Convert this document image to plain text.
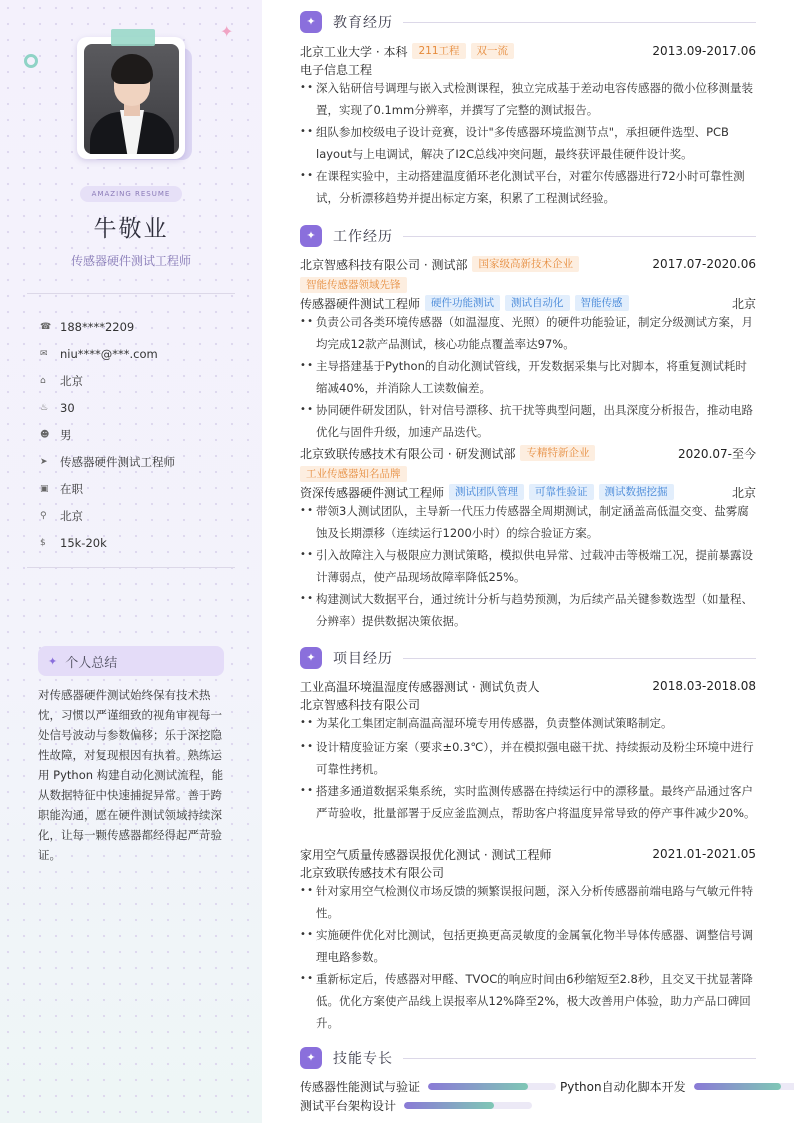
✦
AMAZING RESUME
牛敬业
传感器硬件测试工程师
☎ 188****2209
✉	niu****@***.com
⌂	北京
♨	30
☻ 男
➤	传感器硬件测试工程师
▣ 在职
⚲	北京
$	15k-20k
✦ 个人总结
对传感器硬件测试始终保有技术热忱，习惯以严谨细致的视角审视每一处信号波动与参数偏移；乐于深挖隐性故障，对复现根因有执着。熟练运用 Python 构建自动化测试流程，能从数据特征中快速捕捉异常。善于跨职能沟通，愿在硬件测试领域持续深化，让每一颗传感器都经得起严苛验证。
✦	教育经历
北京工业大学 · 本科	211工程	双一流	2013.09-2017.06
电子信息工程
• • 深入钻研信号调理与嵌入式检测课程，独立完成基于差动电容传感器的微小位移测量装置，实现了0.1mm分辨率，并撰写了完整的测试报告。
• • 组队参加校级电子设计竞赛，设计"多传感器环境监测节点"，承担硬件选型、PCB layout与上电调试，解决了I2C总线冲突问题，最终获评最佳硬件设计奖。
• • 在课程实验中，主动搭建温度循环老化测试平台，对霍尔传感器进行72小时可靠性测试，分析漂移趋势并提出标定方案，积累了工程测试经验。
✦	工作经历
北京智感科技有限公司 · 测试部	国家级高新技术企业	2017.07-2020.06
智能传感器领域先锋
传感器硬件测试工程师	硬件功能测试	测试自动化	智能传感	北京
• • 负责公司各类环境传感器（如温湿度、光照）的硬件功能验证，制定分级测试方案，月均完成12款产品测试，核心功能点覆盖率达97%。
• • 主导搭建基于Python的自动化测试管线，开发数据采集与比对脚本，将重复测试耗时缩减40%，并消除人工读数偏差。
• • 协同硬件研发团队，针对信号漂移、抗干扰等典型问题，出具深度分析报告，推动电路优化与固件升级，加速产品迭代。
北京致联传感技术有限公司 · 研发测试部	专精特新企业	2020.07-至今
工业传感器知名品牌
资深传感器硬件测试工程师	测试团队管理	可靠性验证	测试数据挖掘	北京
• • 带领3人测试团队，主导新一代压力传感器全周期测试，制定涵盖高低温交变、盐雾腐蚀及长期漂移（连续运行1200小时）的综合验证方案。
• • 引入故障注入与极限应力测试策略，模拟供电异常、过载冲击等极端工况，提前暴露设计薄弱点，使产品现场故障率降低25%。
• • 构建测试大数据平台，通过统计分析与趋势预测，为后续产品关键参数选型（如量程、分辨率）提供数据决策依据。
✦	项目经历
工业高温环境温湿度传感器测试 · 测试负责人	2018.03-2018.08
北京智感科技有限公司
• • 为某化工集团定制高温高湿环境专用传感器，负责整体测试策略制定。
• • 设计精度验证方案（要求±0.3℃），并在模拟强电磁干扰、持续振动及粉尘环境中进行可靠性拷机。
• • 搭建多通道数据采集系统，实时监测传感器在持续运行中的漂移量。最终产品通过客户严苛验收，批量部署于反应釜监测点，帮助客户将温度异常导致的停产事件减少20%。
家用空气质量传感器误报优化测试 · 测试工程师	2021.01-2021.05
北京致联传感技术有限公司
• • 针对家用空气检测仪市场反馈的频繁误报问题，深入分析传感器前端电路与气敏元件特性。
• • 实施硬件优化对比测试，包括更换更高灵敏度的金属氧化物半导体传感器、调整信号调理电路参数。
• • 重新标定后，传感器对甲醛、TVOC的响应时间由6秒缩短至2.8秒，且交叉干扰显著降低。优化方案使产品线上误报率从12%降至2%，极大改善用户体验，助力产品口碑回升。
✦	技能专长
传感器性能测试与验证	Python自动化脚本开发
测试平台架构设计
